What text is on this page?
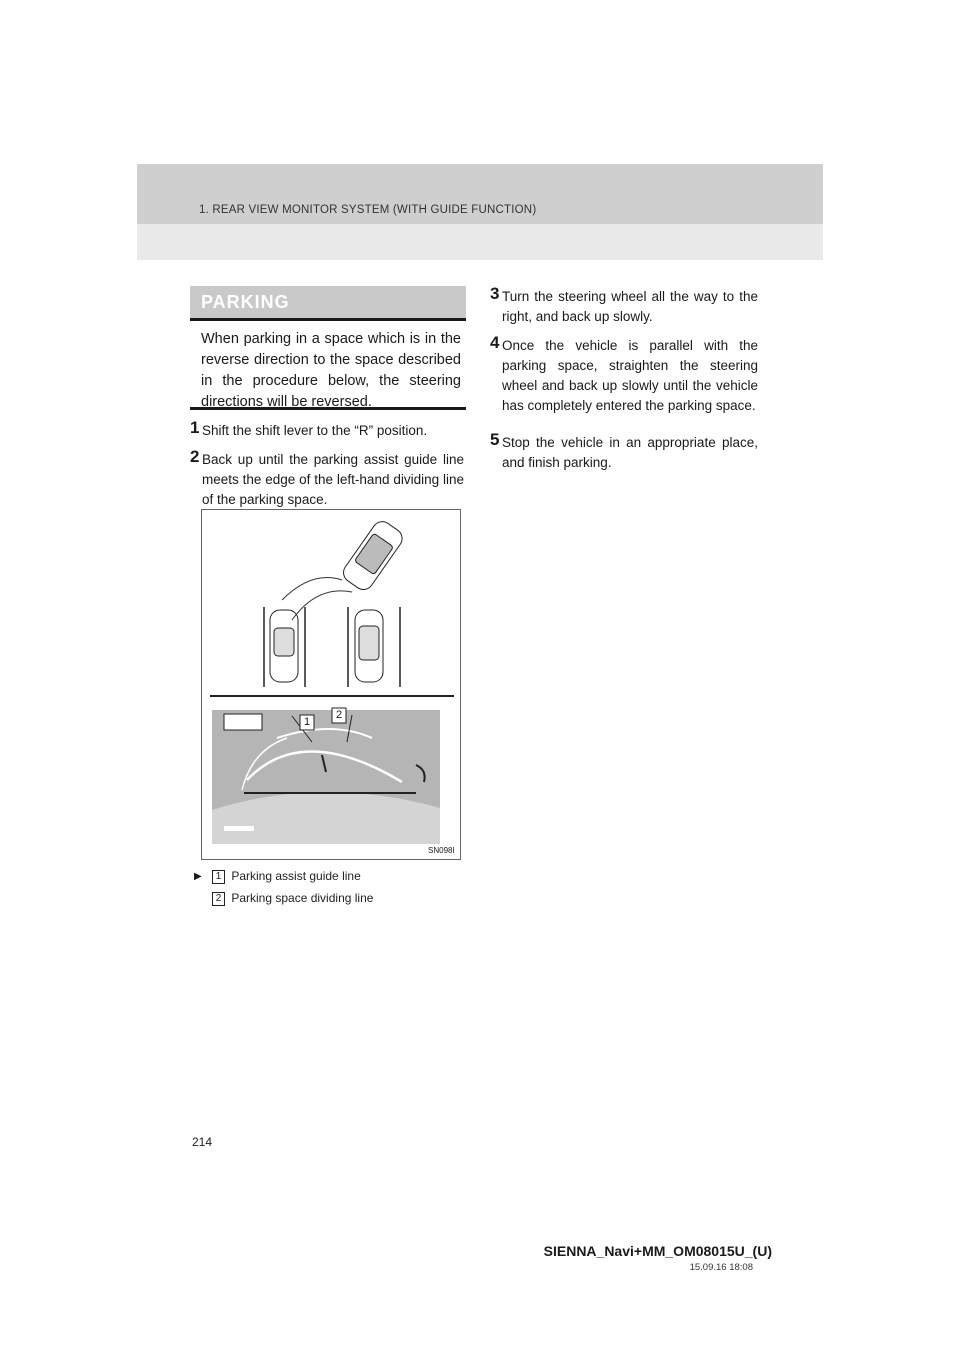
1. REAR VIEW MONITOR SYSTEM (WITH GUIDE FUNCTION)
PARKING

When parking in a space which is in the reverse direction to the space described in the procedure below, the steering directions will be reversed.

1 Shift the shift lever to the “R” position.
2 Back up until the parking assist guide line meets the edge of the left-hand dividing line of the parking space.
1
2
SN098I
▶	1 Parking assist guide line
2 Parking space dividing line
3 Turn the steering wheel all the way to the right, and back up slowly.
4 Once the vehicle is parallel with the parking space, straighten the steering wheel and back up slowly until the vehicle has completely entered the parking space.
5 Stop the vehicle in an appropriate place, and finish parking.
214
SIENNA_Navi+MM_OM08015U_(U)
15.09.16 18:08
